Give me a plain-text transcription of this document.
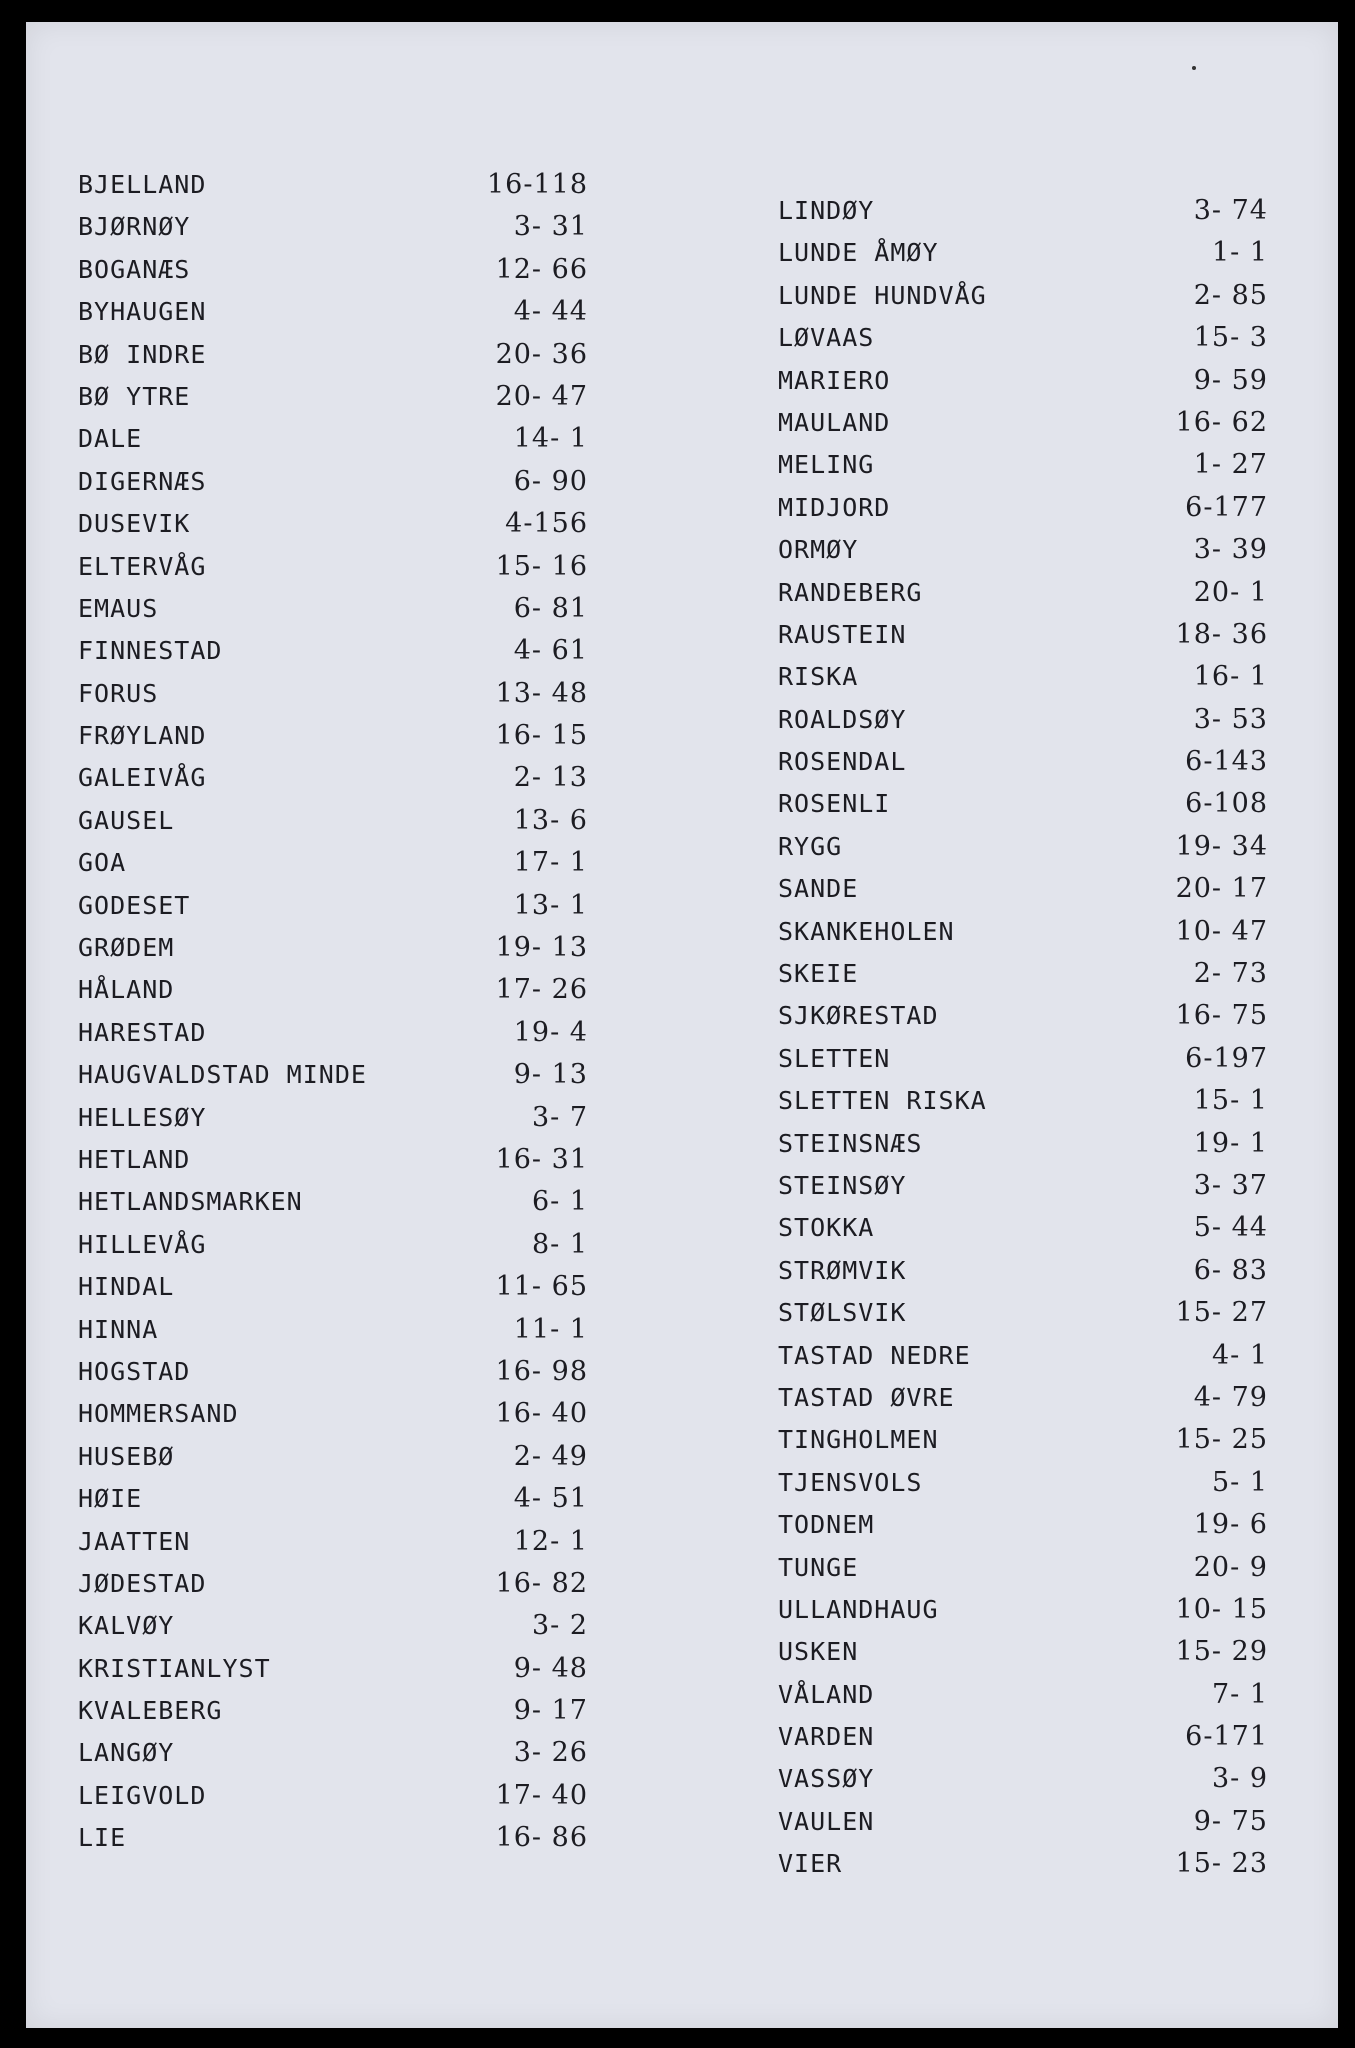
BJELLAND	16-118
BJØRNØY	3- 31
BOGANÆS	12- 66
BYHAUGEN	4- 44
BØ INDRE	20- 36
BØ YTRE	20- 47
DALE	14- 1
DIGERNÆS	6- 90
DUSEVIK	4-156
ELTERVÅG	15- 16
EMAUS	6- 81
FINNESTAD	4- 61
FORUS	13- 48
FRØYLAND	16- 15
GALEIVÅG	2- 13
GAUSEL	13- 6
GOA	17- 1
GODESET	13- 1
GRØDEM	19- 13
HÅLAND	17- 26
HARESTAD	19- 4
HAUGVALDSTAD MINDE	9- 13
HELLESØY	3- 7
HETLAND	16- 31
HETLANDSMARKEN	6- 1
HILLEVÅG	8- 1
HINDAL	11- 65
HINNA	11- 1
HOGSTAD	16- 98
HOMMERSAND	16- 40
HUSEBØ	2- 49
HØIE	4- 51
JAATTEN	12- 1
JØDESTAD	16- 82
KALVØY	3- 2
KRISTIANLYST	9- 48
KVALEBERG	9- 17
LANGØY	3- 26
LEIGVOLD	17- 40
LIE	16- 86
LINDØY	3- 74
LUNDE ÅMØY	1- 1
LUNDE HUNDVÅG	2- 85
LØVAAS	15- 3
MARIERO	9- 59
MAULAND	16- 62
MELING	1- 27
MIDJORD	6-177
ORMØY	3- 39
RANDEBERG	20- 1
RAUSTEIN	18- 36
RISKA	16- 1
ROALDSØY	3- 53
ROSENDAL	6-143
ROSENLI	6-108
RYGG	19- 34
SANDE	20- 17
SKANKEHOLEN	10- 47
SKEIE	2- 73
SJKØRESTAD	16- 75
SLETTEN	6-197
SLETTEN RISKA	15- 1
STEINSNÆS	19- 1
STEINSØY	3- 37
STOKKA	5- 44
STRØMVIK	6- 83
STØLSVIK	15- 27
TASTAD NEDRE	4- 1
TASTAD ØVRE	4- 79
TINGHOLMEN	15- 25
TJENSVOLS	5- 1
TODNEM	19- 6
TUNGE	20- 9
ULLANDHAUG	10- 15
USKEN	15- 29
VÅLAND	7- 1
VARDEN	6-171
VASSØY	3- 9
VAULEN	9- 75
VIER	15- 23
